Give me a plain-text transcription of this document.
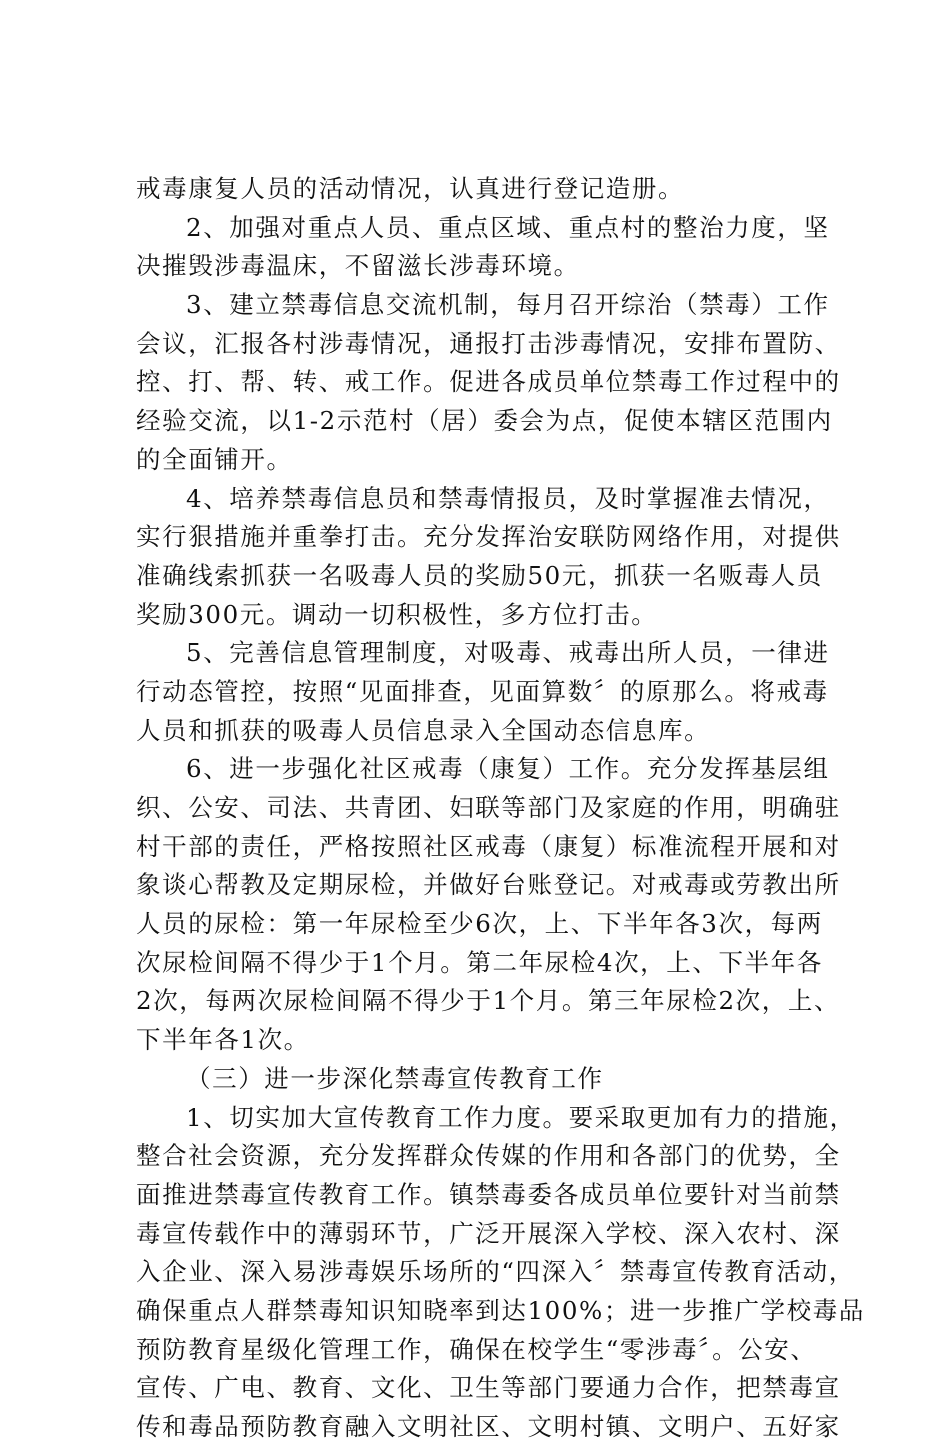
戒毒康复人员的活动情况，认真进行登记造册。
2、加强对重点人员、重点区域、重点村的整治力度，坚
决摧毁涉毒温床，不留滋长涉毒环境。
3、建立禁毒信息交流机制，每月召开综治（禁毒）工作
会议，汇报各村涉毒情况，通报打击涉毒情况，安排布置防、
控、打、帮、转、戒工作。促进各成员单位禁毒工作过程中的
经验交流，以1-2示范村（居）委会为点，促使本辖区范围内
的全面铺开。
4、培养禁毒信息员和禁毒情报员，及时掌握准去情况，
实行狠措施并重拳打击。充分发挥治安联防网络作用，对提供
准确线索抓获一名吸毒人员的奖励50元，抓获一名贩毒人员
奖励300元。调动一切积极性，多方位打击。
5、完善信息管理制度，对吸毒、戒毒出所人员，一律进
行动态管控，按照“见面排查，见面算数〞的原那么。将戒毒
人员和抓获的吸毒人员信息录入全国动态信息库。
6、进一步强化社区戒毒（康复）工作。充分发挥基层组
织、公安、司法、共青团、妇联等部门及家庭的作用，明确驻
村干部的责任，严格按照社区戒毒（康复）标准流程开展和对
象谈心帮教及定期尿检，并做好台账登记。对戒毒或劳教出所
人员的尿检：第一年尿检至少6次，上、下半年各3次，每两
次尿检间隔不得少于1个月。第二年尿检4次，上、下半年各
2次，每两次尿检间隔不得少于1个月。第三年尿检2次，上、
下半年各1次。
（三）进一步深化禁毒宣传教育工作
1、切实加大宣传教育工作力度。要采取更加有力的措施，
整合社会资源，充分发挥群众传媒的作用和各部门的优势，全
面推进禁毒宣传教育工作。镇禁毒委各成员单位要针对当前禁
毒宣传载作中的薄弱环节，广泛开展深入学校、深入农村、深
入企业、深入易涉毒娱乐场所的“四深入〞禁毒宣传教育活动，
确保重点人群禁毒知识知晓率到达100%；进一步推广学校毒品
预防教育星级化管理工作，确保在校学生“零涉毒〞。公安、
宣传、广电、教育、文化、卫生等部门要通力合作，把禁毒宣
传和毒品预防教育融入文明社区、文明村镇、文明户、五好家
